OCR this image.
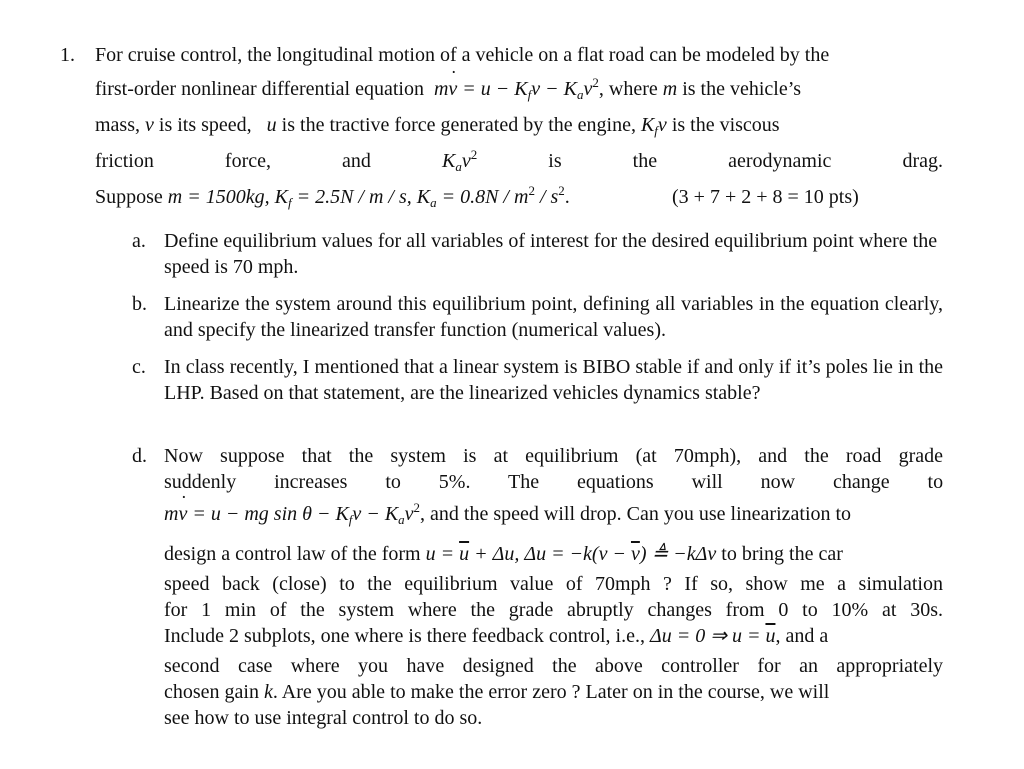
1. For cruise control, the longitudinal motion of a vehicle on a flat road can be modeled by the
first-order nonlinear differential equation m˙ $v = u - K_fv - K_av^2$, where m is the vehicle’s
mass, v is its speed, u is the tractive force generated by the engine, $K_fv$ is the viscous
friction	force,	and	$K_av^2$	is	the	aerodynamic	drag.
Suppose m = 1500kg, $K_f = 2.5N / m / s$, $K_a = 0.8N / m^2 / s^2$.	(3 + 7 + 2 + 8 = 10 pts)
a. Define equilibrium values for all variables of interest for the desired equilibrium point where the speed is 70 mph.
b. Linearize the system around this equilibrium point, defining all variables in the equation clearly, and specify the linearized transfer function (numerical values).
c. In class recently, I mentioned that a linear system is BIBO stable if and only if it’s poles lie in the LHP. Based on that statement, are the linearized vehicles dynamics stable?
d. Now suppose that the system is at equilibrium (at 70mph), and the road grade
suddenly increases to 5%. The equations will now change to
m˙ v = u − mg $\sin \theta - K_fv - K_av^2$, and the speed will drop. Can you use linearization to
design a control law of the form $u = \overline{u} + \Delta u$, $\Delta u = -k(v - \overline{v})$ ≜ −kΔv to bring the car
speed back (close) to the equilibrium value of 70mph ? If so, show me a simulation
for 1 min of the system where the grade abruptly changes from 0 to 10% at 30s.
Include 2 subplots, one where is there feedback control, i.e., Δu = 0 ⇒ $u = \overline{u}$, and a
second case where you have designed the above controller for an appropriately
chosen gain k. Are you able to make the error zero ? Later on in the course, we will
see how to use integral control to do so.
